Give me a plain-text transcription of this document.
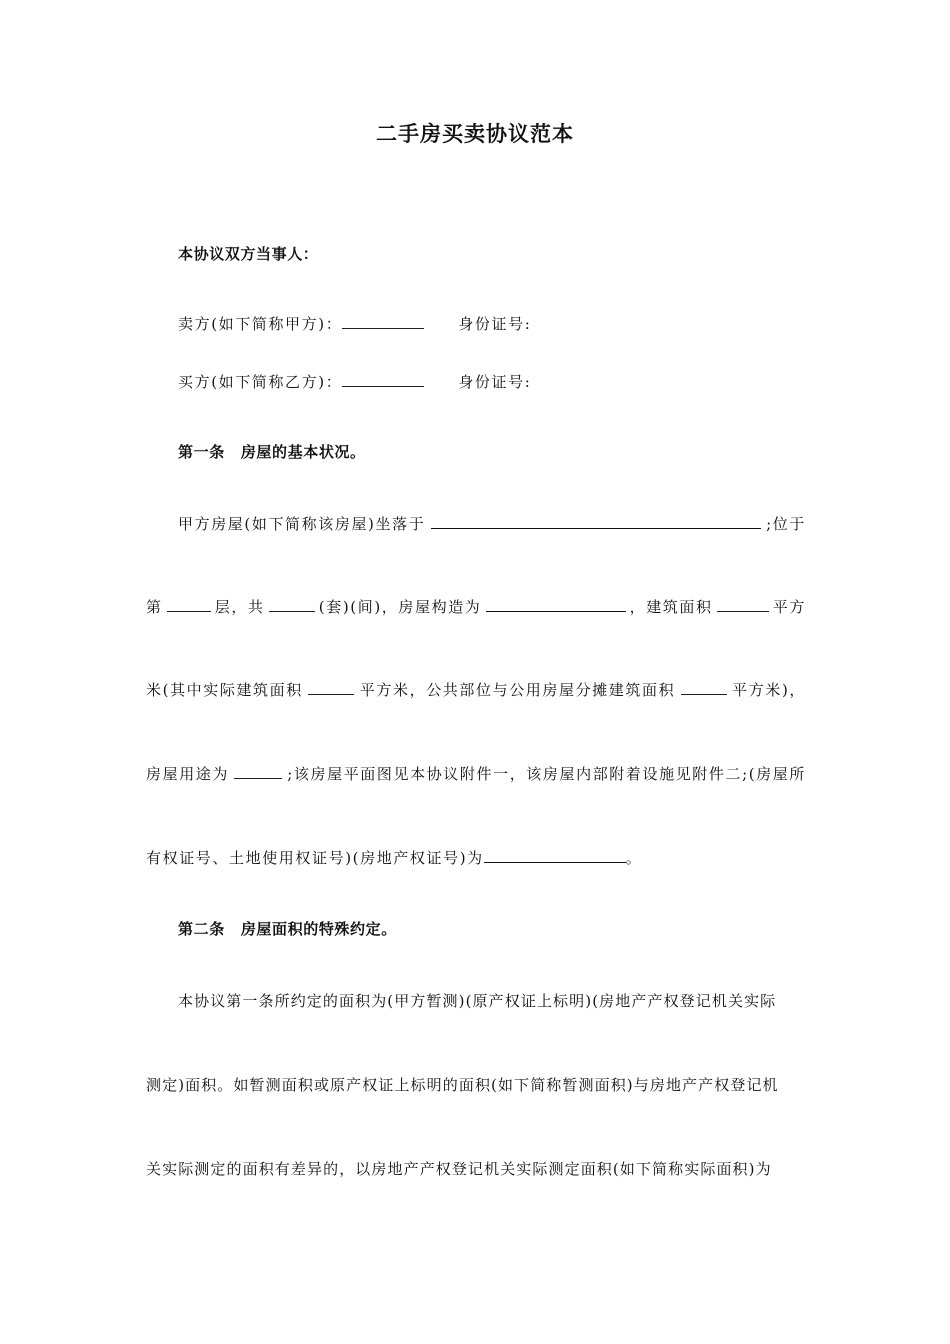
二手房买卖协议范本
本协议双方当事人：
卖方(如下简称甲方)：	身份证号:
买方(如下简称乙方)：	身份证号:
第一条 房屋的基本状况。
甲方房屋(如下简称该房屋)坐落于	;位于
第	层，共	(套)(间)，房屋构造为	，建筑面积	平方
米(其中实际建筑面积	平方米，公共部位与公用房屋分摊建筑面积	平方米)，
房屋用途为	;该房屋平面图见本协议附件一，该房屋内部附着设施见附件二;(房屋所
有权证号、土地使用权证号)(房地产权证号)为	。
第二条 房屋面积的特殊约定。
本协议第一条所约定的面积为(甲方暂测)(原产权证上标明)(房地产产权登记机关实际
测定)面积。如暂测面积或原产权证上标明的面积(如下简称暂测面积)与房地产产权登记机
关实际测定的面积有差异的，以房地产产权登记机关实际测定面积(如下简称实际面积)为
